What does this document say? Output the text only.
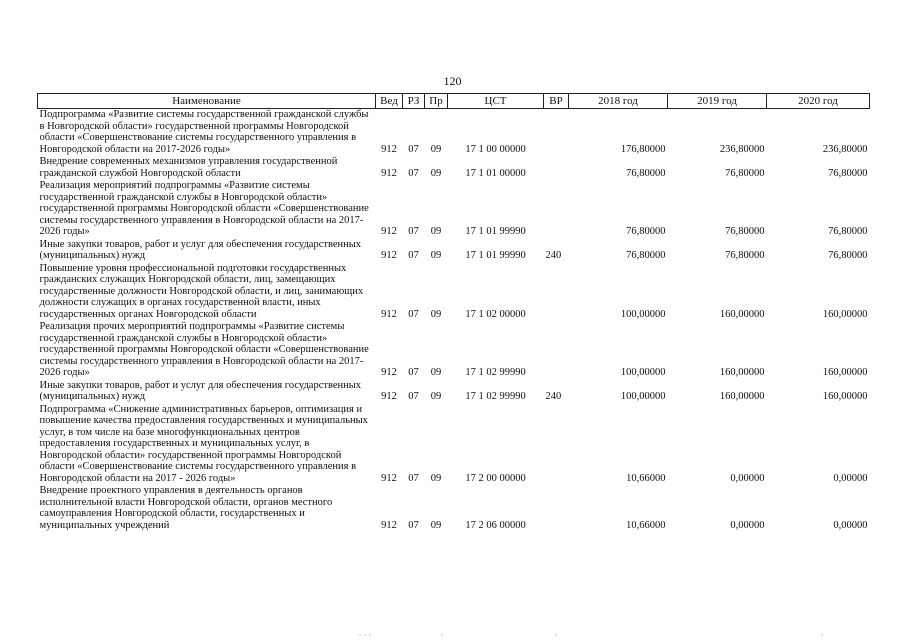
120
Наименование	Вед	РЗ	Пр	ЦСТ	ВР	2018 год	2019 год	2020 год
Подпрограмма «Развитие системы государственной гражданской службы в Новгородской области» государственной программы Новгородской области «Совершенствование системы государственного управления в Новгородской области на 2017-2026 годы»	912	07	09	17 1 00 00000		176,80000	236,80000	236,80000
Внедрение современных механизмов управления государственной гражданской службой Новгородской области	912	07	09	17 1 01 00000		76,80000	76,80000	76,80000
Реализация мероприятий подпрограммы «Развитие системы государственной гражданской службы в Новгородской области» государственной программы Новгородской области «Совершенствование системы государственного управления в Новгородской области на 2017-2026 годы»	912	07	09	17 1 01 99990		76,80000	76,80000	76,80000
Иные закупки товаров, работ и услуг для обеспечения государственных (муниципальных) нужд	912	07	09	17 1 01 99990	240	76,80000	76,80000	76,80000
Повышение уровня профессиональной подготовки государственных гражданских служащих Новгородской области, лиц, замещающих государственные должности Новгородской области, и лиц, занимающих должности служащих в органах государственной власти, иных государственных органах Новгородской области	912	07	09	17 1 02 00000		100,00000	160,00000	160,00000
Реализация прочих мероприятий подпрограммы «Развитие системы государственной гражданской службы в Новгородской области» государственной программы Новгородской области «Совершенствование системы государственного управления в Новгородской области на 2017-2026 годы»	912	07	09	17 1 02 99990		100,00000	160,00000	160,00000
Иные закупки товаров, работ и услуг для обеспечения государственных (муниципальных) нужд	912	07	09	17 1 02 99990	240	100,00000	160,00000	160,00000
Подпрограмма «Снижение административных барьеров, оптимизация и повышение качества предоставления государственных и муниципальных услуг, в том числе на базе многофункциональных центров предоставления государственных и муниципальных услуг, в Новгородской области» государственной программы Новгородской области «Совершенствование системы государственного управления в Новгородской области на 2017 - 2026 годы»	912	07	09	17 2 00 00000		10,66000	0,00000	0,00000
Внедрение проектного управления в деятельность органов исполнительной власти Новгородской области, органов местного самоуправления Новгородской области, государственных и муниципальных учреждений	912	07	09	17 2 06 00000		10,66000	0,00000	0,00000
